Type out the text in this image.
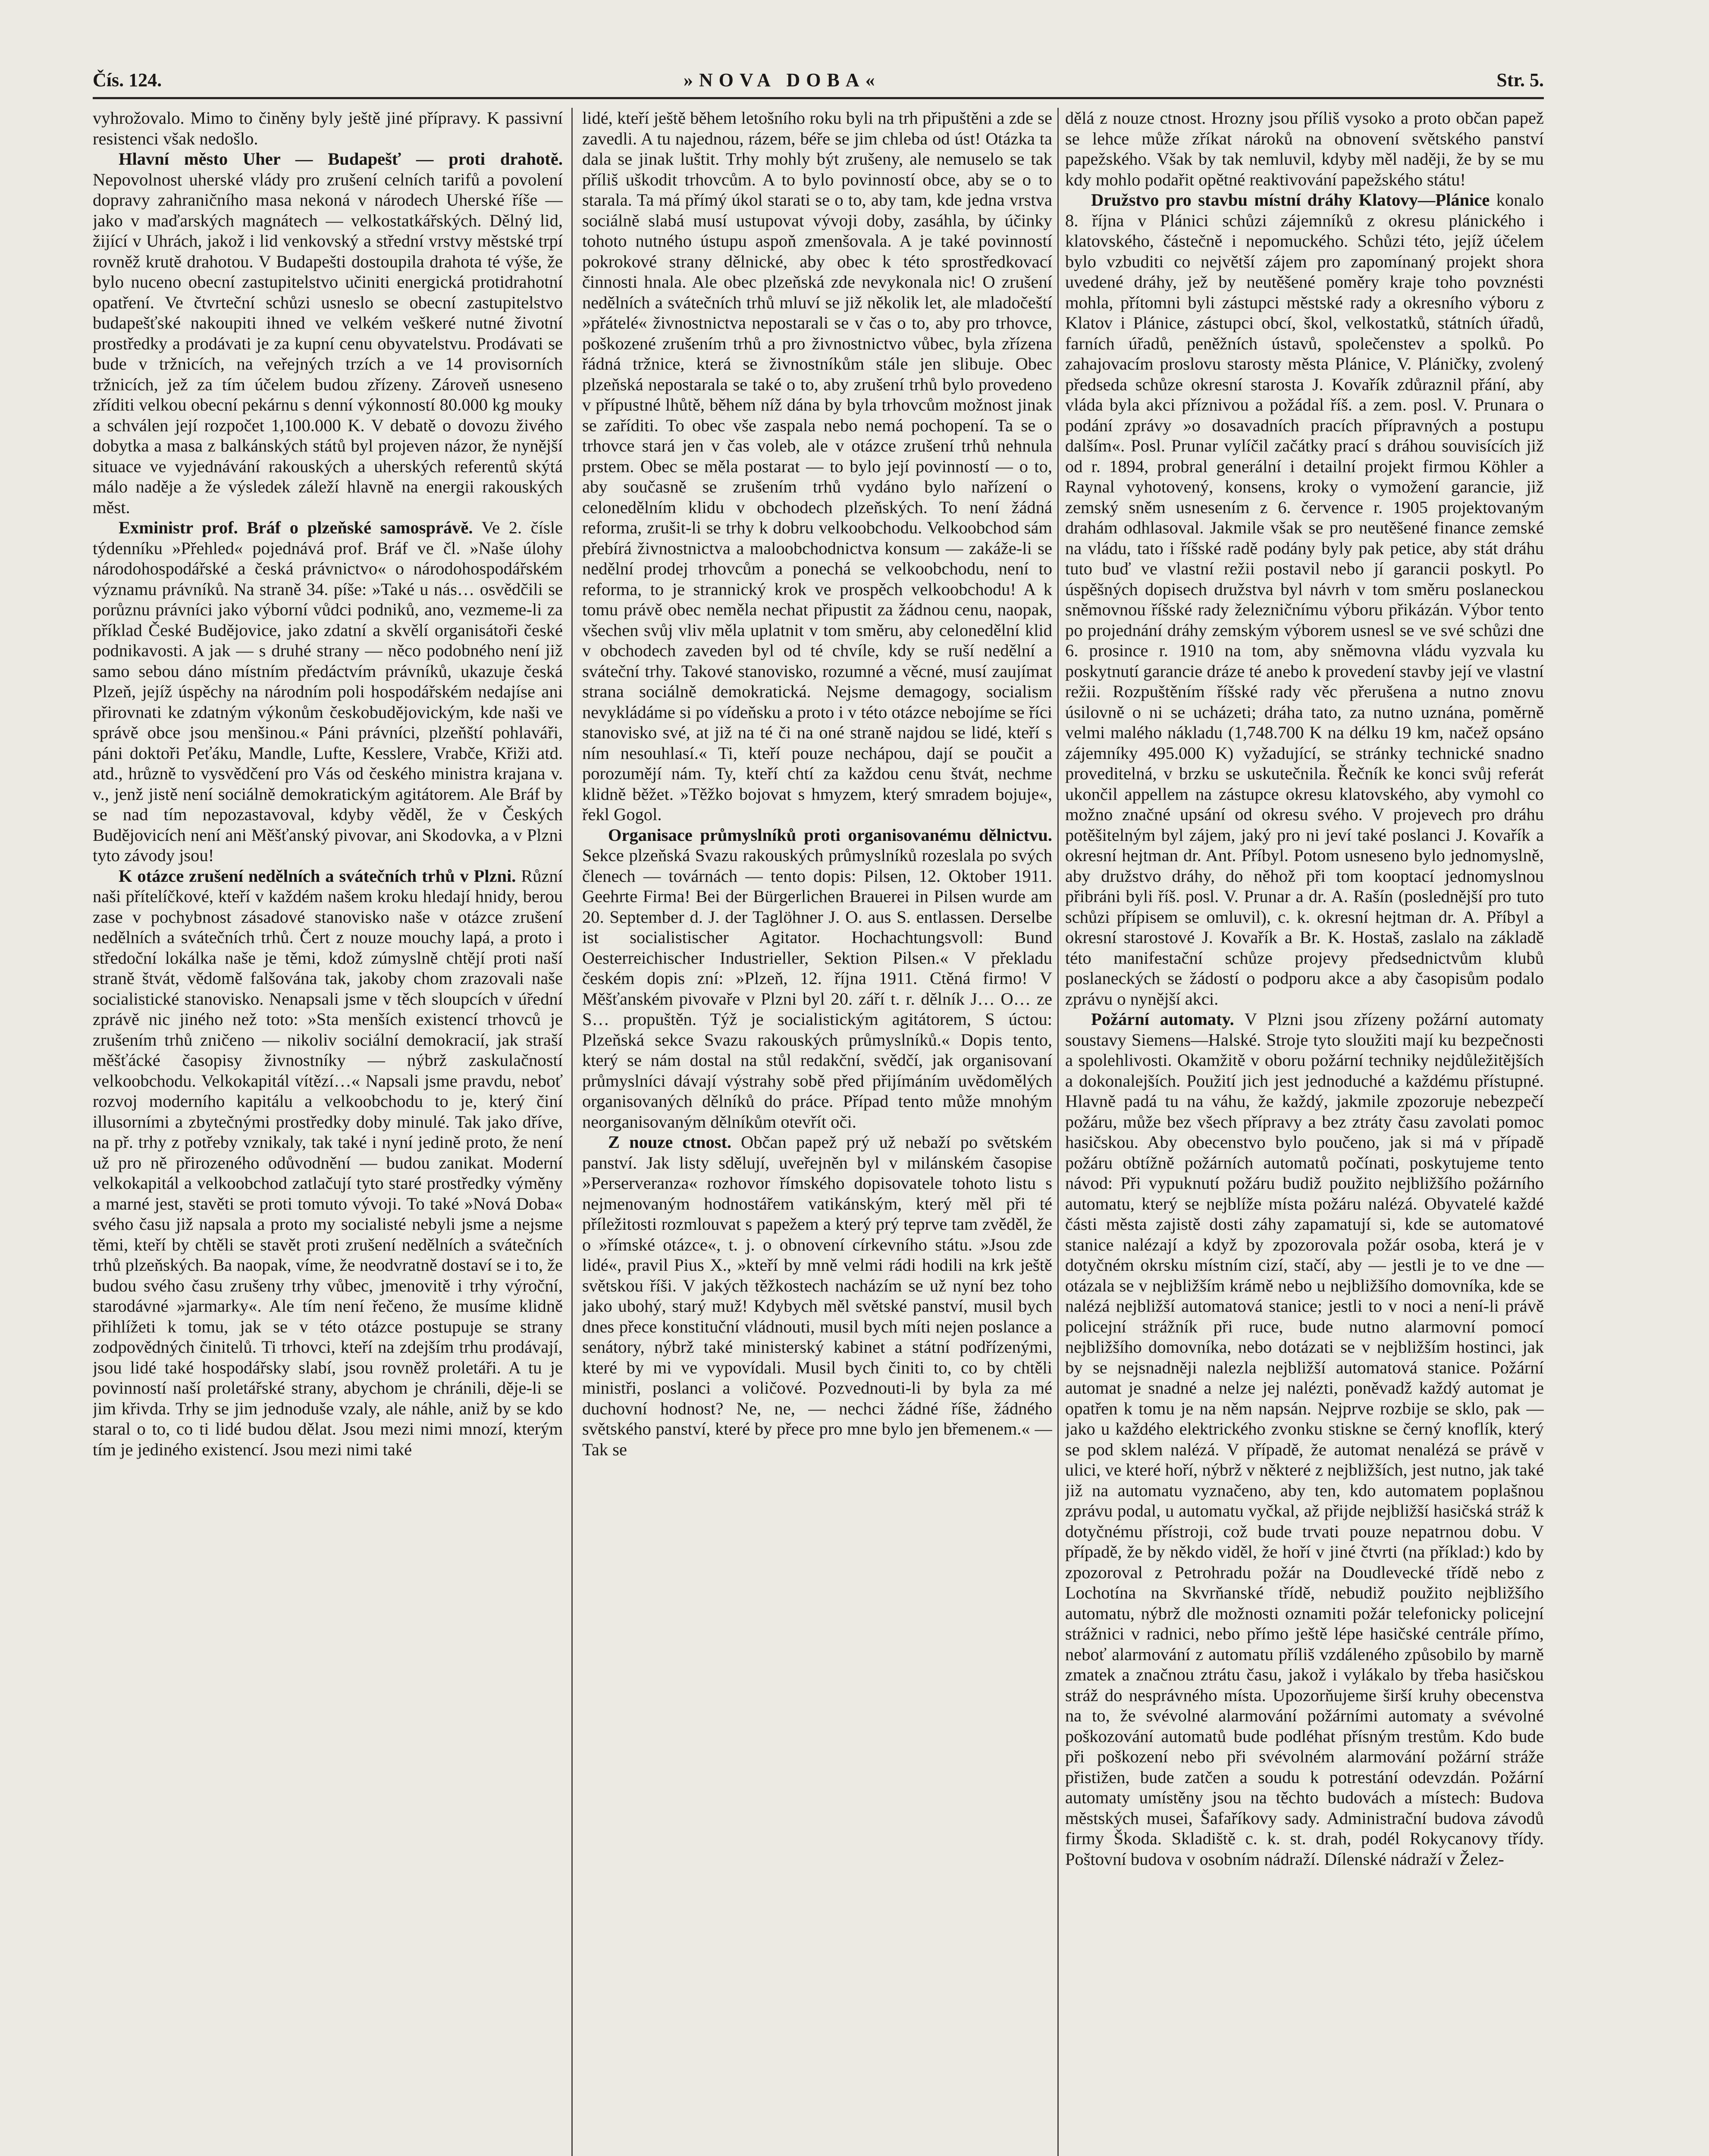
Čís. 124.	»NOVA DOBA«	Str. 5.

vyhrožovalo. Mimo to činěny byly ještě jiné přípravy. K passivní resistenci však nedošlo.

Hlavní město Uher — Budapešť — proti drahotě. Nepovolnost uherské vlády pro zrušení celních tarifů a povolení dopravy zahraničního masa nekoná v národech Uherské říše — jako v maďarských magnátech — velkostatkářských. Dělný lid, žijící v Uhrách, jakož i lid venkovský a střední vrstvy městské trpí rovněž krutě drahotou. V Budapešti dostoupila drahota té výše, že bylo nuceno obecní zastupitelstvo učiniti energická protidrahotní opatření. Ve čtvrteční schůzi usneslo se obecní zastupitelstvo budapešťské nakoupiti ihned ve velkém veškeré nutné životní prostředky a prodávati je za kupní cenu obyvatelstvu. Prodávati se bude v tržnicích, na veřejných trzích a ve 14 provisorních tržnicích, jež za tím účelem budou zřízeny. Zároveň usneseno zříditi velkou obecní pekárnu s denní výkonností 80.000 kg mouky a schválen její rozpočet 1,100.000 K. V debatě o dovozu živého dobytka a masa z balkánských států byl projeven názor, že nynější situace ve vyjednávání rakouských a uherských referentů skýtá málo naděje a že výsledek záleží hlavně na energii rakouských měst.

Exministr prof. Bráf o plzeňské samosprávě. Ve 2. čísle týdenníku »Přehled« pojednává prof. Bráf ve čl. »Naše úlohy národohospodářské a česká právnictvo« o národohospodářském významu právníků. Na straně 34. píše: »Také u nás… osvědčili se porůznu právníci jako výborní vůdci podniků, ano, vezmeme-li za příklad České Budějovice, jako zdatní a skvělí organisátoři české podnikavosti. A jak — s druhé strany — něco podobného není již samo sebou dáno místním předáctvím právníků, ukazuje česká Plzeň, jejíž úspěchy na národním poli hospodářském nedajíse ani přirovnati ke zdatným výkonům českobudějovickým, kde naši ve správě obce jsou menšinou.« Páni právníci, plzeňští pohlaváři, páni doktoři Peťáku, Mandle, Lufte, Kesslere, Vrabče, Křiži atd. atd., hrůzně to vysvědčení pro Vás od českého ministra krajana v. v., jenž jistě není sociálně demokratickým agitátorem. Ale Bráf by se nad tím nepozastavoval, kdyby věděl, že v Českých Budějovicích není ani Měšťanský pivovar, ani Skodovka, a v Plzni tyto závody jsou!

K otázce zrušení nedělních a svátečních trhů v Plzni. Různí naši přítelíčkové, kteří v každém našem kroku hledají hnidy, berou zase v pochybnost zásadové stanovisko naše v otázce zrušení nedělních a svátečních trhů. Čert z nouze mouchy lapá, a proto i středoční lokálka naše je těmi, kdož zúmyslně chtějí proti naší straně štvát, vědomě falšována tak, jakoby chom zrazovali naše socialistické stanovisko. Nenapsali jsme v těch sloupcích v úřední zprávě nic jiného než toto: »Sta menších existencí trhovců je zrušením trhů zničeno — nikoliv sociální demokracií, jak straší měšťácké časopisy živnostníky — nýbrž zaskulačností velkoobchodu. Velkokapitál vítězí…« Napsali jsme pravdu, neboť rozvoj moderního kapitálu a velkoobchodu to je, který činí illusorními a zbytečnými prostředky doby minulé. Tak jako dříve, na př. trhy z potřeby vznikaly, tak také i nyní jedině proto, že není už pro ně přirozeného odůvodnění — budou zanikat. Moderní velkokapitál a velkoobchod zatlačují tyto staré prostředky výměny a marné jest, stavěti se proti tomuto vývoji. To také »Nová Doba« svého času již napsala a proto my socialisté nebyli jsme a nejsme těmi, kteří by chtěli se stavět proti zrušení nedělních a svátečních trhů plzeňských. Ba naopak, víme, že neodvratně dostaví se i to, že budou svého času zrušeny trhy vůbec, jmenovitě i trhy výroční, starodávné »jarmarky«. Ale tím není řečeno, že musíme klidně přihlížeti k tomu, jak se v této otázce postupuje se strany zodpovědných činitelů. Ti trhovci, kteří na zdejším trhu prodávají, jsou lidé také hospodářsky slabí, jsou rovněž proletáři. A tu je povinností naší proletářské strany, abychom je chránili, děje-li se jim křivda. Trhy se jim jednoduše vzaly, ale náhle, aniž by se kdo staral o to, co ti lidé budou dělat. Jsou mezi nimi mnozí, kterým tím je jediného existencí. Jsou mezi nimi také

lidé, kteří ještě během letošního roku byli na trh připuštěni a zde se zavedli. A tu najednou, rázem, béře se jim chleba od úst! Otázka ta dala se jinak luštit. Trhy mohly být zrušeny, ale nemuselo se tak příliš uškodit trhovcům. A to bylo povinností obce, aby se o to starala. Ta má přímý úkol starati se o to, aby tam, kde jedna vrstva sociálně slabá musí ustupovat vývoji doby, zasáhla, by účinky tohoto nutného ústupu aspoň zmenšovala. A je také povinností pokrokové strany dělnické, aby obec k této sprostředkovací činnosti hnala. Ale obec plzeňská zde nevykonala nic! O zrušení nedělních a svátečních trhů mluví se již několik let, ale mladočeští »přátelé« živnostnictva nepostarali se v čas o to, aby pro trhovce, poškozené zrušením trhů a pro živnostnictvo vůbec, byla zřízena řádná tržnice, která se živnostníkům stále jen slibuje. Obec plzeňská nepostarala se také o to, aby zrušení trhů bylo provedeno v přípustné lhůtě, během níž dána by byla trhovcům možnost jinak se zaříditi. To obec vše zaspala nebo nemá pochopení. Ta se o trhovce stará jen v čas voleb, ale v otázce zrušení trhů nehnula prstem. Obec se měla postarat — to bylo její povinností — o to, aby současně se zrušením trhů vydáno bylo nařízení o celonedělním klidu v obchodech plzeňských. To není žádná reforma, zrušit-li se trhy k dobru velkoobchodu. Velkoobchod sám přebírá živnostnictva a maloobchodnictva konsum — zakáže-li se nedělní prodej trhovcům a ponechá se velkoobchodu, není to reforma, to je strannický krok ve prospěch velkoobchodu! A k tomu právě obec neměla nechat připustit za žádnou cenu, naopak, všechen svůj vliv měla uplatnit v tom směru, aby celonedělní klid v obchodech zaveden byl od té chvíle, kdy se ruší nedělní a sváteční trhy. Takové stanovisko, rozumné a věcné, musí zaujímat strana sociálně demokratická. Nejsme demagogy, socialism nevykládáme si po vídeňsku a proto i v této otázce nebojíme se říci stanovisko své, at již na té či na oné straně najdou se lidé, kteří s ním nesouhlasí.« Ti, kteří pouze nechápou, dají se poučit a porozumějí nám. Ty, kteří chtí za každou cenu štvát, nechme klidně běžet. »Těžko bojovat s hmyzem, který smradem bojuje«, řekl Gogol.

Organisace průmyslníků proti organisovanému dělnictvu. Sekce plzeňská Svazu rakouských průmyslníků rozeslala po svých členech — továrnách — tento dopis: Pilsen, 12. Oktober 1911. Geehrte Firma! Bei der Bürgerlichen Brauerei in Pilsen wurde am 20. September d. J. der Taglöhner J. O. aus S. entlassen. Derselbe ist socialistischer Agitator. Hochachtungsvoll: Bund Oesterreichischer Industrieller, Sektion Pilsen.« V překladu českém dopis zní: »Plzeň, 12. října 1911. Ctěná firmo! V Měšťanském pivovaře v Plzni byl 20. září t. r. dělník J… O… ze S… propuštěn. Týž je socialistickým agitátorem, S úctou: Plzeňská sekce Svazu rakouských průmyslníků.« Dopis tento, který se nám dostal na stůl redakční, svědčí, jak organisovaní průmyslníci dávají výstrahy sobě před přijímáním uvědomělých organisovaných dělníků do práce. Případ tento může mnohým neorganisovaným dělníkům otevřít oči.

Z nouze ctnost. Občan papež prý už nebaží po světském panství. Jak listy sdělují, uveřejněn byl v milánském časopise »Perserveranza« rozhovor římského dopisovatele tohoto listu s nejmenovaným hodnostářem vatikánským, který měl při té příležitosti rozmlouvat s papežem a který prý teprve tam zvěděl, že o »římské otázce«, t. j. o obnovení církevního státu. »Jsou zde lidé«, pravil Pius X., »kteří by mně velmi rádi hodili na krk ještě světskou říši. V jakých těžkostech nacházím se už nyní bez toho jako ubohý, starý muž! Kdybych měl světské panství, musil bych dnes přece konstituční vládnouti, musil bych míti nejen poslance a senátory, nýbrž také ministerský kabinet a státní podřízenými, které by mi ve vypovídali. Musil bych činiti to, co by chtěli ministři, poslanci a voličové. Pozvednouti-li by byla za mé duchovní hodnost? Ne, ne, — nechci žádné říše, žádného světského panství, které by přece pro mne bylo jen břemenem.« — Tak se

dělá z nouze ctnost. Hrozny jsou příliš vysoko a proto občan papež se lehce může zříkat nároků na obnovení světského panství papežského. Však by tak nemluvil, kdyby měl naději, že by se mu kdy mohlo podařit opětné reaktivování papežského státu!

Družstvo pro stavbu místní dráhy Klatovy—Plánice konalo 8. října v Plánici schůzi zájemníků z okresu plánického i klatovského, částečně i nepomuckého. Schůzi této, jejíž účelem bylo vzbuditi co největší zájem pro zapomínaný projekt shora uvedené dráhy, jež by neutěšené poměry kraje toho povznésti mohla, přítomni byli zástupci městské rady a okresního výboru z Klatov i Plánice, zástupci obcí, škol, velkostatků, státních úřadů, farních úřadů, peněžních ústavů, společenstev a spolků. Po zahajovacím proslovu starosty města Plánice, V. Pláničky, zvolený předseda schůze okresní starosta J. Kovařík zdůraznil přání, aby vláda byla akci příznivou a požádal říš. a zem. posl. V. Prunara o podání zprávy »o dosavadních pracích přípravných a postupu dalším«. Posl. Prunar vylíčil začátky prací s dráhou souvisících již od r. 1894, probral generální i detailní projekt firmou Köhler a Raynal vyhotovený, konsens, kroky o vymožení garancie, již zemský sněm usnesením z 6. července r. 1905 projektovaným drahám odhlasoval. Jakmile však se pro neutěšené finance zemské na vládu, tato i říšské radě podány byly pak petice, aby stát dráhu tuto buď ve vlastní režii postavil nebo jí garancii poskytl. Po úspěšných dopisech družstva byl návrh v tom směru poslaneckou sněmovnou říšské rady železničnímu výboru přikázán. Výbor tento po projednání dráhy zemským výborem usnesl se ve své schůzi dne 6. prosince r. 1910 na tom, aby sněmovna vládu vyzvala ku poskytnutí garancie dráze té anebo k provedení stavby její ve vlastní režii. Rozpuštěním říšské rady věc přerušena a nutno znovu úsilovně o ni se ucházeti; dráha tato, za nutno uznána, poměrně velmi malého nákladu (1,748.700 K na délku 19 km, načež opsáno zájemníky 495.000 K) vyžadující, se stránky technické snadno proveditelná, v brzku se uskutečnila. Řečník ke konci svůj referát ukončil appellem na zástupce okresu klatovského, aby vymohl co možno značné upsání od okresu svého. V projevech pro dráhu potěšitelným byl zájem, jaký pro ni jeví také poslanci J. Kovařík a okresní hejtman dr. Ant. Příbyl. Potom usneseno bylo jednomyslně, aby družstvo dráhy, do něhož při tom kooptací jednomyslnou přibráni byli říš. posl. V. Prunar a dr. A. Rašín (poslednější pro tuto schůzi přípisem se omluvil), c. k. okresní hejtman dr. A. Příbyl a okresní starostové J. Kovařík a Br. K. Hostaš, zaslalo na základě této manifestační schůze projevy předsednictvům klubů poslaneckých se žádostí o podporu akce a aby časopisům podalo zprávu o nynější akci.

Požární automaty. V Plzni jsou zřízeny požární automaty soustavy Siemens—Halské. Stroje tyto sloužiti mají ku bezpečnosti a spolehlivosti. Okamžitě v oboru požární techniky nejdůležitějších a dokonalejších. Použití jich jest jednoduché a každému přístupné. Hlavně padá tu na váhu, že každý, jakmile zpozoruje nebezpečí požáru, může bez všech přípravy a bez ztráty času zavolati pomoc hasičskou. Aby obecenstvo bylo poučeno, jak si má v případě požáru obtížně požárních automatů počínati, poskytujeme tento návod: Při vypuknutí požáru budiž použito nejbližšího požárního automatu, který se nejblíže místa požáru nalézá. Obyvatelé každé části města zajistě dosti záhy zapamatují si, kde se automatové stanice nalézají a když by zpozorovala požár osoba, která je v dotyčném okrsku místním cizí, stačí, aby — jestli je to ve dne — otázala se v nejbližším krámě nebo u nejbližšího domovníka, kde se nalézá nejbližší automatová stanice; jestli to v noci a není-li právě policejní strážník při ruce, bude nutno alarmovní pomocí nejbližšího domovníka, nebo dotázati se v nejbližším hostinci, jak by se nejsnadněji nalezla nejbližší automatová stanice. Požární automat je snadné a nelze jej nalézti, poněvadž každý automat je opatřen k tomu je na něm napsán. Nejprve rozbije se sklo, pak — jako u každého elektrického zvonku stiskne se černý knoflík, který se pod sklem nalézá. V případě, že automat nenalézá se právě v ulici, ve které hoří, nýbrž v některé z nejbližších, jest nutno, jak také již na automatu vyznačeno, aby ten, kdo automatem poplašnou zprávu podal, u automatu vyčkal, až přijde nejbližší hasičská stráž k dotyčnému přístroji, což bude trvati pouze nepatrnou dobu. V případě, že by někdo viděl, že hoří v jiné čtvrti (na příklad:) kdo by zpozoroval z Petrohradu požár na Doudlevecké třídě nebo z Lochotína na Skvrňanské třídě, nebudiž použito nejbližšího automatu, nýbrž dle možnosti oznamiti požár telefonicky policejní strážnici v radnici, nebo přímo ještě lépe hasičské centrále přímo, neboť alarmování z automatu příliš vzdáleného způsobilo by marně zmatek a značnou ztrátu času, jakož i vylákalo by třeba hasičskou stráž do nesprávného místa. Upozorňujeme širší kruhy obecenstva na to, že svévolné alarmování požárními automaty a svévolné poškozování automatů bude podléhat přísným trestům. Kdo bude při poškození nebo při svévolném alarmování požární stráže přistižen, bude zatčen a soudu k potrestání odevzdán. Požární automaty umístěny jsou na těchto budovách a místech: Budova městských musei, Šafaříkovy sady. Administrační budova závodů firmy Škoda. Skladiště c. k. st. drah, podél Rokycanovy třídy. Poštovní budova v osobním nádraží. Dílenské nádraží v Želez-
